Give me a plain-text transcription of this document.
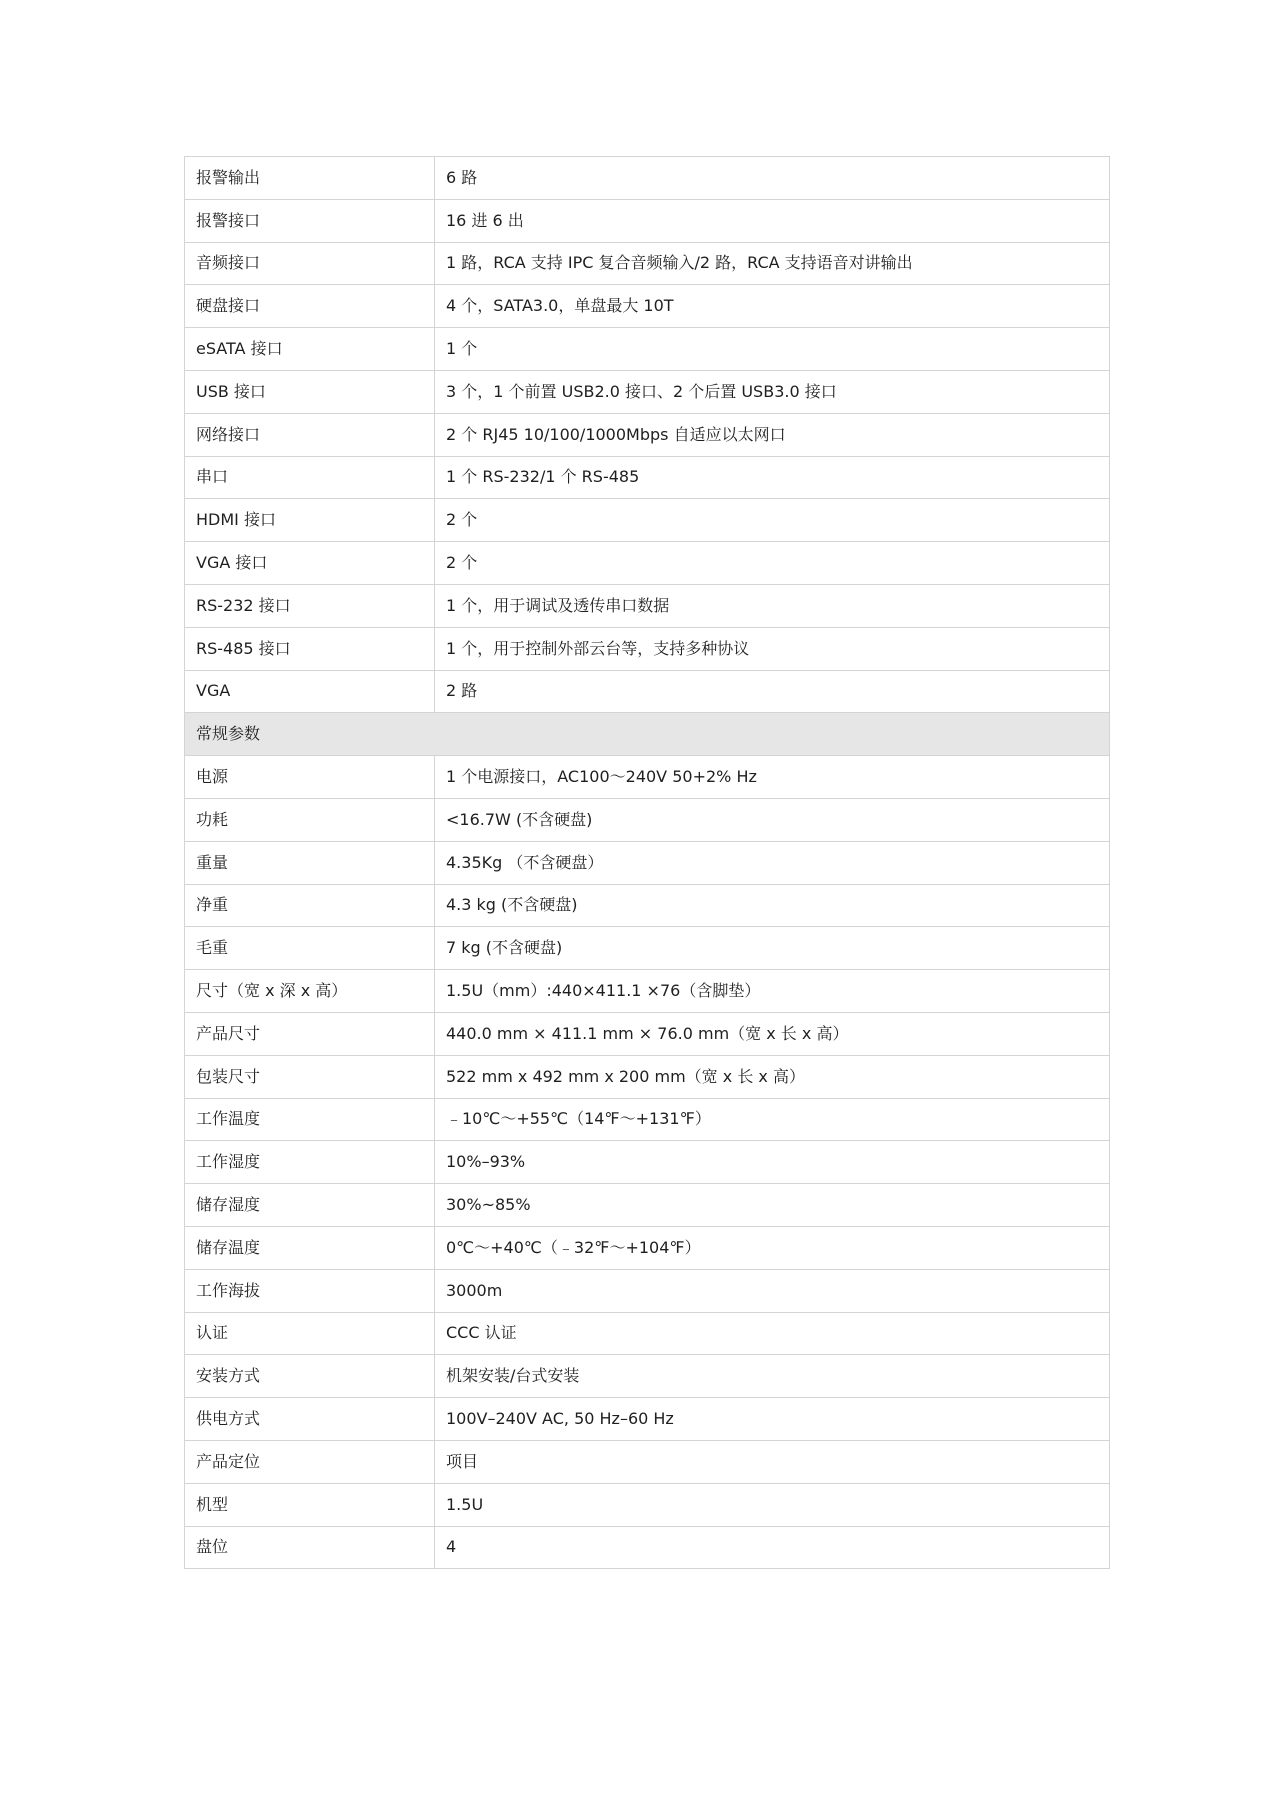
报警输出	6 路
报警接口	16 进 6 出
音频接口	1 路，RCA 支持 IPC 复合音频输入/2 路，RCA 支持语音对讲输出
硬盘接口	4 个，SATA3.0，单盘最大 10T
eSATA 接口	1 个
USB 接口	3 个，1 个前置 USB2.0 接口、2 个后置 USB3.0 接口
网络接口	2 个 RJ45 10/100/1000Mbps 自适应以太网口
串口	1 个 RS-232/1 个 RS-485
HDMI 接口	2 个
VGA 接口	2 个
RS-232 接口	1 个，用于调试及透传串口数据
RS-485 接口	1 个，用于控制外部云台等，支持多种协议
VGA	2 路
常规参数	
电源	1 个电源接口，AC100～240V 50+2% Hz
功耗	<16.7W (不含硬盘)
重量	4.35Kg （不含硬盘）
净重	4.3 kg (不含硬盘)
毛重	7 kg (不含硬盘)
尺寸（宽 x 深 x 高）	1.5U（mm）:440×411.1 ×76（含脚垫）
产品尺寸	440.0 mm × 411.1 mm × 76.0 mm（宽 x 长 x 高）
包装尺寸	522 mm x 492 mm x 200 mm（宽 x 长 x 高）
工作温度	﹣10℃～+55℃（14℉～+131℉）
工作湿度	10%–93%
储存湿度	30%~85%
储存温度	0℃～+40℃（﹣32℉～+104℉）
工作海拔	3000m
认证	CCC 认证
安装方式	机架安装/台式安装
供电方式	100V–240V AC, 50 Hz–60 Hz
产品定位	项目
机型	1.5U
盘位	4
